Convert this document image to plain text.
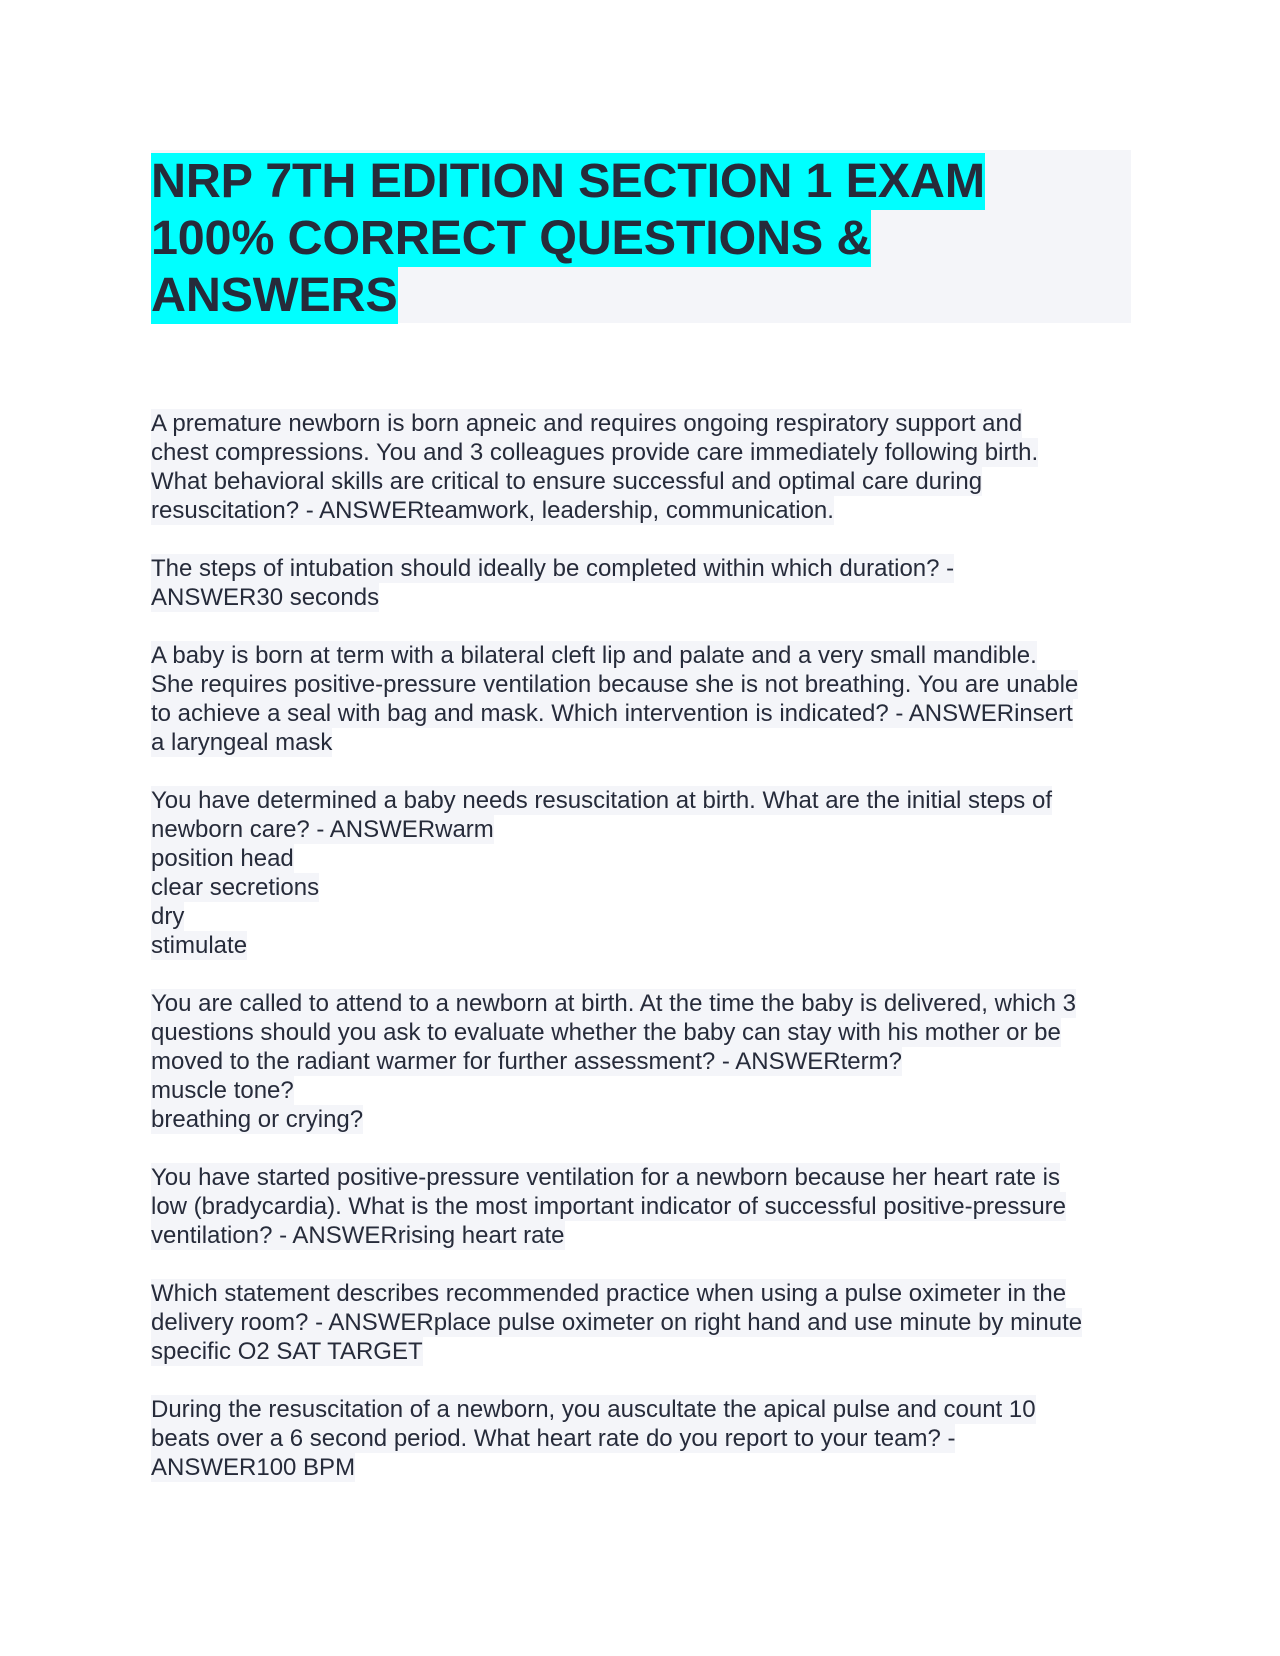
NRP 7TH EDITION SECTION 1 EXAM
100% CORRECT QUESTIONS &
ANSWERS
A premature newborn is born apneic and requires ongoing respiratory support and
chest compressions. You and 3 colleagues provide care immediately following birth.
What behavioral skills are critical to ensure successful and optimal care during
resuscitation? - ANSWERteamwork, leadership, communication.
The steps of intubation should ideally be completed within which duration? -
ANSWER30 seconds
A baby is born at term with a bilateral cleft lip and palate and a very small mandible.
She requires positive-pressure ventilation because she is not breathing. You are unable
to achieve a seal with bag and mask. Which intervention is indicated? - ANSWERinsert
a laryngeal mask
You have determined a baby needs resuscitation at birth. What are the initial steps of
newborn care? - ANSWERwarm
position head
clear secretions
dry
stimulate
You are called to attend to a newborn at birth. At the time the baby is delivered, which 3
questions should you ask to evaluate whether the baby can stay with his mother or be
moved to the radiant warmer for further assessment? - ANSWERterm?
muscle tone?
breathing or crying?
You have started positive-pressure ventilation for a newborn because her heart rate is
low (bradycardia). What is the most important indicator of successful positive-pressure
ventilation? - ANSWERrising heart rate
Which statement describes recommended practice when using a pulse oximeter in the
delivery room? - ANSWERplace pulse oximeter on right hand and use minute by minute
specific O2 SAT TARGET
During the resuscitation of a newborn, you auscultate the apical pulse and count 10
beats over a 6 second period. What heart rate do you report to your team? -
ANSWER100 BPM
